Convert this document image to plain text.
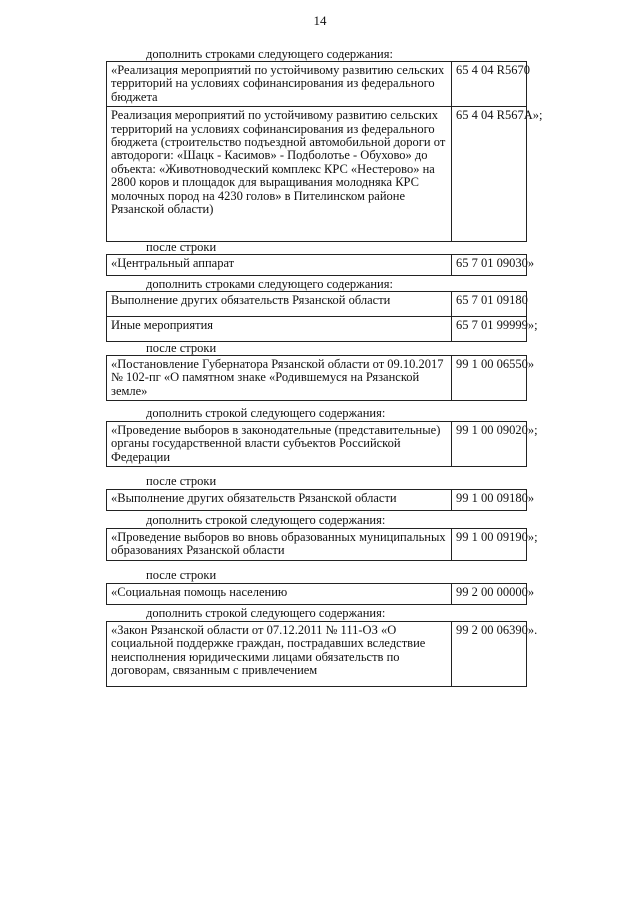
14
дополнить строками следующего содержания:
«Реализация мероприятий по устойчивому развитию сельских территорий на условиях софинансирования из федерального бюджета	65 4 04 R5670
Реализация мероприятий по устойчивому развитию сельских территорий на условиях софинансирования из федерального бюджета (строительство подъездной автомобильной дороги от автодороги: «Шацк - Касимов» - Подболотье - Обухово» до объекта: «Животноводческий комплекс КРС «Нестерово» на 2800 коров и площадок для выращивания молодняка КРС молочных пород на 4230 голов» в Пителинском районе Рязанской области)	65 4 04 R567A»;
после строки
«Центральный аппарат	65 7 01 09030»
дополнить строками следующего содержания:
Выполнение других обязательств Рязанской области	65 7 01 09180
Иные мероприятия	65 7 01 99999»;
после строки
«Постановление Губернатора Рязанской области от 09.10.2017 № 102-пг «О памятном знаке «Родившемуся на Рязанской земле»	99 1 00 06550»
дополнить строкой следующего содержания:
«Проведение выборов в законодательные (представительные) органы государственной власти субъектов Российской Федерации	99 1 00 09020»;
после строки
«Выполнение других обязательств Рязанской области	99 1 00 09180»
дополнить строкой следующего содержания:
«Проведение выборов во вновь образованных муниципальных образованиях Рязанской области	99 1 00 09190»;
после строки
«Социальная помощь населению	99 2 00 00000»
дополнить строкой следующего содержания:
«Закон Рязанской области от 07.12.2011 № 111-ОЗ «О социальной поддержке граждан, пострадавших вследствие неисполнения юридическими лицами обязательств по договорам, связанным с привлечением	99 2 00 06390».
